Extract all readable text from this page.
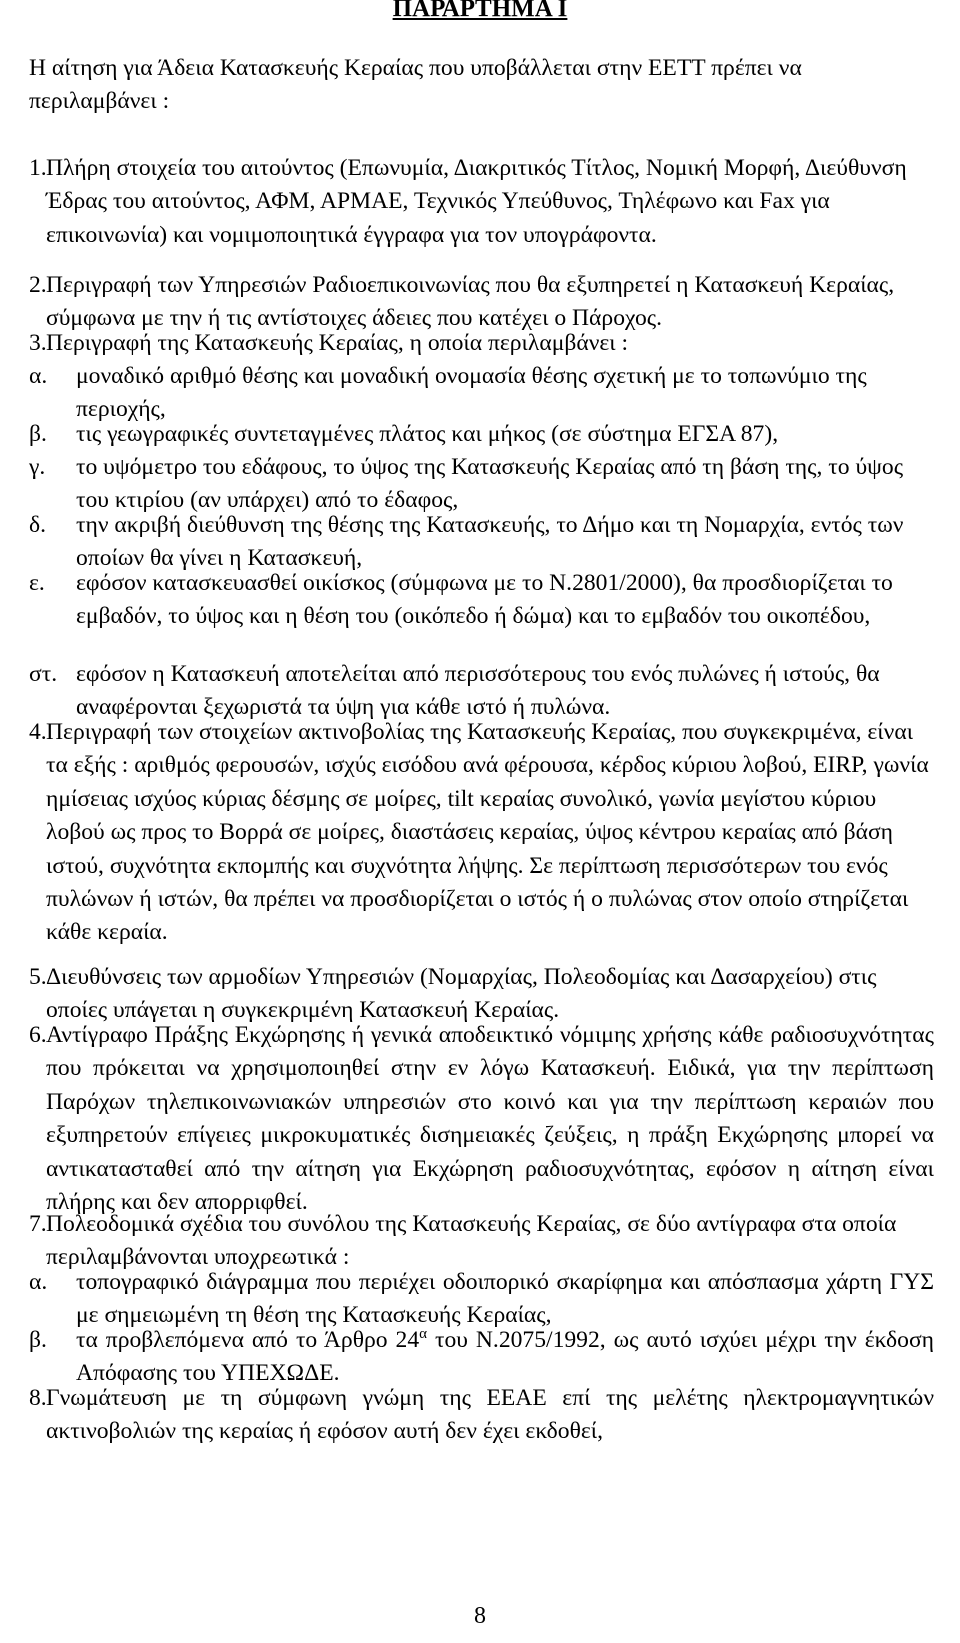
ΠΑΡΑΡΤΗΜΑ Ι
Η αίτηση για Άδεια Κατασκευής Κεραίας που υποβάλλεται στην ΕΕΤΤ πρέπει να περιλαμβάνει :
1. Πλήρη στοιχεία του αιτούντος (Επωνυμία, Διακριτικός Τίτλος, Νομική Μορφή, Διεύθυνση Έδρας του αιτούντος, ΑΦΜ, ΑΡΜΑΕ, Τεχνικός Υπεύθυνος, Τηλέφωνο και Fax για επικοινωνία) και νομιμοποιητικά έγγραφα για τον υπογράφοντα.
2. Περιγραφή των Υπηρεσιών Ραδιοεπικοινωνίας που θα εξυπηρετεί η Κατασκευή Κεραίας, σύμφωνα με την ή τις αντίστοιχες άδειες που κατέχει ο Πάροχος.
3. Περιγραφή της Κατασκευής Κεραίας, η οποία περιλαμβάνει :
α. μοναδικό αριθμό θέσης και μοναδική ονομασία θέσης σχετική με το τοπωνύμιο της περιοχής,
β. τις γεωγραφικές συντεταγμένες πλάτος και μήκος (σε σύστημα ΕΓΣΑ 87),
γ. το υψόμετρο του εδάφους, το ύψος της Κατασκευής Κεραίας από τη βάση της, το ύψος του κτιρίου (αν υπάρχει) από το έδαφος,
δ. την ακριβή διεύθυνση της θέσης της Κατασκευής, το Δήμο και τη Νομαρχία, εντός των οποίων θα γίνει η Κατασκευή,
ε. εφόσον κατασκευασθεί οικίσκος (σύμφωνα με το Ν.2801/2000), θα προσδιορίζεται το εμβαδόν, το ύψος και η θέση του (οικόπεδο ή δώμα) και το εμβαδόν του οικοπέδου,
στ. εφόσον η Κατασκευή αποτελείται από περισσότερους του ενός πυλώνες ή ιστούς, θα αναφέρονται ξεχωριστά τα ύψη για κάθε ιστό ή πυλώνα.
4. Περιγραφή των στοιχείων ακτινοβολίας της Κατασκευής Κεραίας, που συγκεκριμένα, είναι τα εξής : αριθμός φερουσών, ισχύς εισόδου ανά φέρουσα, κέρδος κύριου λοβού, EIRP, γωνία ημίσειας ισχύος κύριας δέσμης σε μοίρες, tilt κεραίας συνολικό, γωνία μεγίστου κύριου λοβού ως προς το Βορρά σε μοίρες, διαστάσεις κεραίας, ύψος κέντρου κεραίας από βάση ιστού, συχνότητα εκπομπής και συχνότητα λήψης. Σε περίπτωση περισσότερων του ενός πυλώνων ή ιστών, θα πρέπει να προσδιορίζεται ο ιστός ή ο πυλώνας στον οποίο στηρίζεται κάθε κεραία.
5. Διευθύνσεις των αρμοδίων Υπηρεσιών (Νομαρχίας, Πολεοδομίας και Δασαρχείου) στις οποίες υπάγεται η συγκεκριμένη Κατασκευή Κεραίας.
6. Αντίγραφο Πράξης Εκχώρησης ή γενικά αποδεικτικό νόμιμης χρήσης κάθε ραδιοσυχνότητας που πρόκειται να χρησιμοποιηθεί στην εν λόγω Κατασκευή. Ειδικά, για την περίπτωση Παρόχων τηλεπικοινωνιακών υπηρεσιών στο κοινό και για την περίπτωση κεραιών που εξυπηρετούν επίγειες μικροκυματικές δισημειακές ζεύξεις, η πράξη Εκχώρησης μπορεί να αντικατασταθεί από την αίτηση για Εκχώρηση ραδιοσυχνότητας, εφόσον η αίτηση είναι πλήρης και δεν απορριφθεί.
7. Πολεοδομικά σχέδια του συνόλου της Κατασκευής Κεραίας, σε δύο αντίγραφα στα οποία περιλαμβάνονται υποχρεωτικά :
α. τοπογραφικό διάγραμμα που περιέχει οδοιπορικό σκαρίφημα και απόσπασμα χάρτη ΓΥΣ με σημειωμένη τη θέση της Κατασκευής Κεραίας,
β. τα προβλεπόμενα από το Άρθρο $24^\alpha$ του Ν.2075/1992, ως αυτό ισχύει μέχρι την έκδοση Απόφασης του ΥΠΕΧΩΔΕ.
8. Γνωμάτευση με τη σύμφωνη γνώμη της ΕΕΑΕ επί της μελέτης ηλεκτρομαγνητικών ακτινοβολιών της κεραίας ή εφόσον αυτή δεν έχει εκδοθεί,
8
